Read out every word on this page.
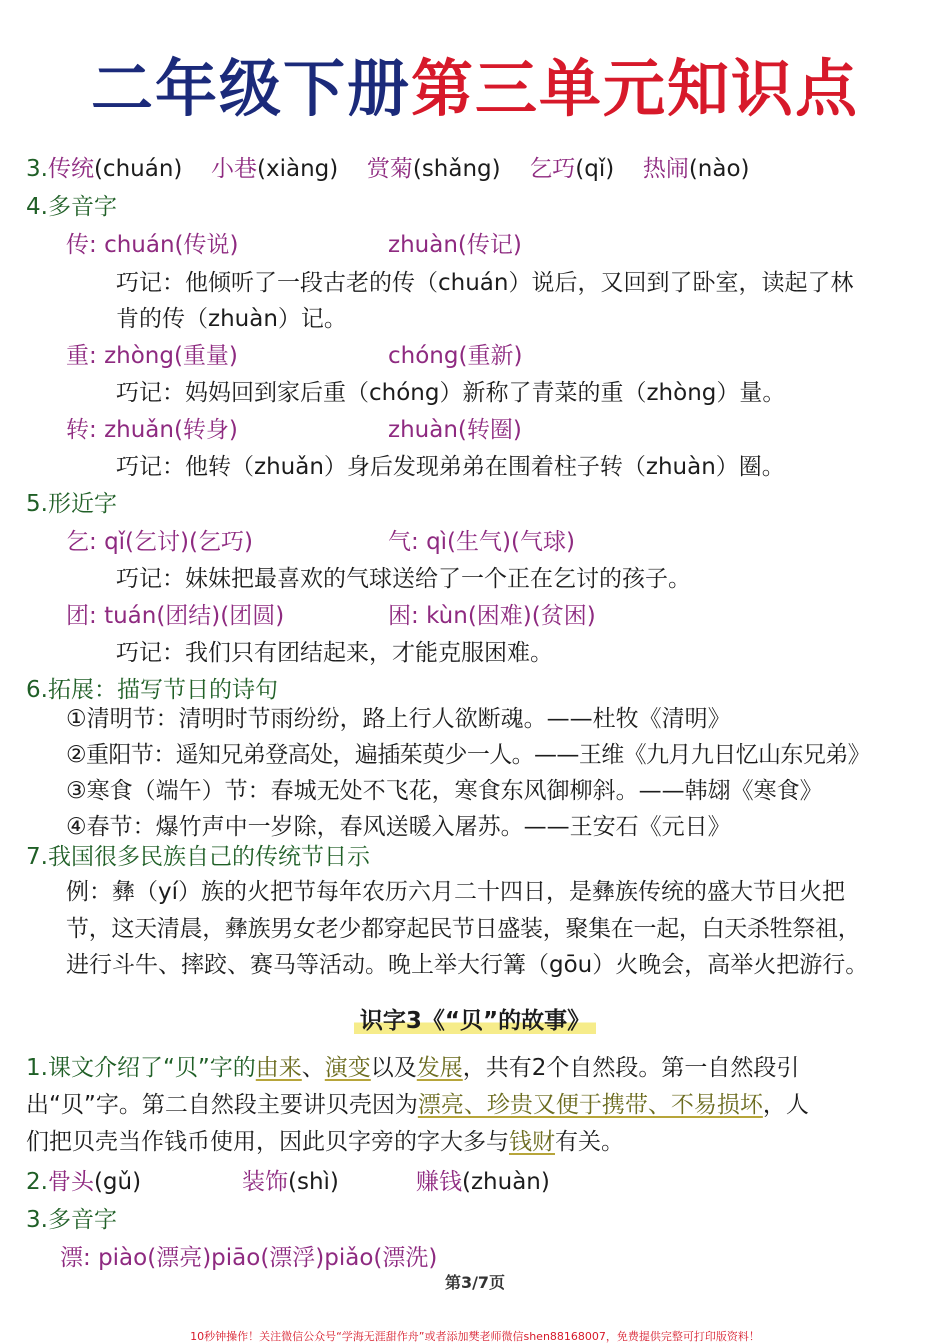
二年级下册第三单元知识点
3.传统(chuán) 小巷(xiàng) 赏菊(shǎng) 乞巧(qǐ) 热闹(nào)
4.多音字
传: chuán(传说)	zhuàn(传记)
巧记：他倾听了一段古老的传（chuán）说后，又回到了卧室，读起了林
肯的传（zhuàn）记。
重: zhòng(重量)	chóng(重新)
巧记：妈妈回到家后重（chóng）新称了青菜的重（zhòng）量。
转: zhuǎn(转身)	zhuàn(转圈)
巧记：他转（zhuǎn）身后发现弟弟在围着柱子转（zhuàn）圈。
5.形近字
乞: qǐ(乞讨)(乞巧)	气: qì(生气)(气球)
巧记：妹妹把最喜欢的气球送给了一个正在乞讨的孩子。
团: tuán(团结)(团圆)	困: kùn(困难)(贫困)
巧记：我们只有团结起来，才能克服困难。
6.拓展：描写节日的诗句
①清明节：清明时节雨纷纷，路上行人欲断魂。——杜牧《清明》
②重阳节：遥知兄弟登高处，遍插茱萸少一人。——王维《九月九日忆山东兄弟》
③寒食（端午）节：春城无处不飞花，寒食东风御柳斜。——韩翃《寒食》
④春节：爆竹声中一岁除，春风送暖入屠苏。——王安石《元日》
7.我国很多民族自己的传统节日示
例：彝（yí）族的火把节每年农历六月二十四日，是彝族传统的盛大节日火把
节，这天清晨，彝族男女老少都穿起民节日盛装，聚集在一起，白天杀牲祭祖，
进行斗牛、摔跤、赛马等活动。晚上举大行篝（gōu）火晚会，高举火把游行。
识字3《“贝”的故事》
1.课文介绍了“贝”字的由来、演变以及发展，共有2个自然段。第一自然段引
出“贝”字。第二自然段主要讲贝壳因为漂亮、珍贵又便于携带、不易损坏，人
们把贝壳当作钱币使用，因此贝字旁的字大多与钱财有关。
2.骨头(gǔ)	装饰(shì)	赚钱(zhuàn)
3.多音字
漂: piào(漂亮)piāo(漂浮)piǎo(漂洗)
第3/7页
10秒钟操作！关注微信公众号“学海无涯甜作舟”或者添加樊老师微信shen88168007，免费提供完整可打印版资料！
